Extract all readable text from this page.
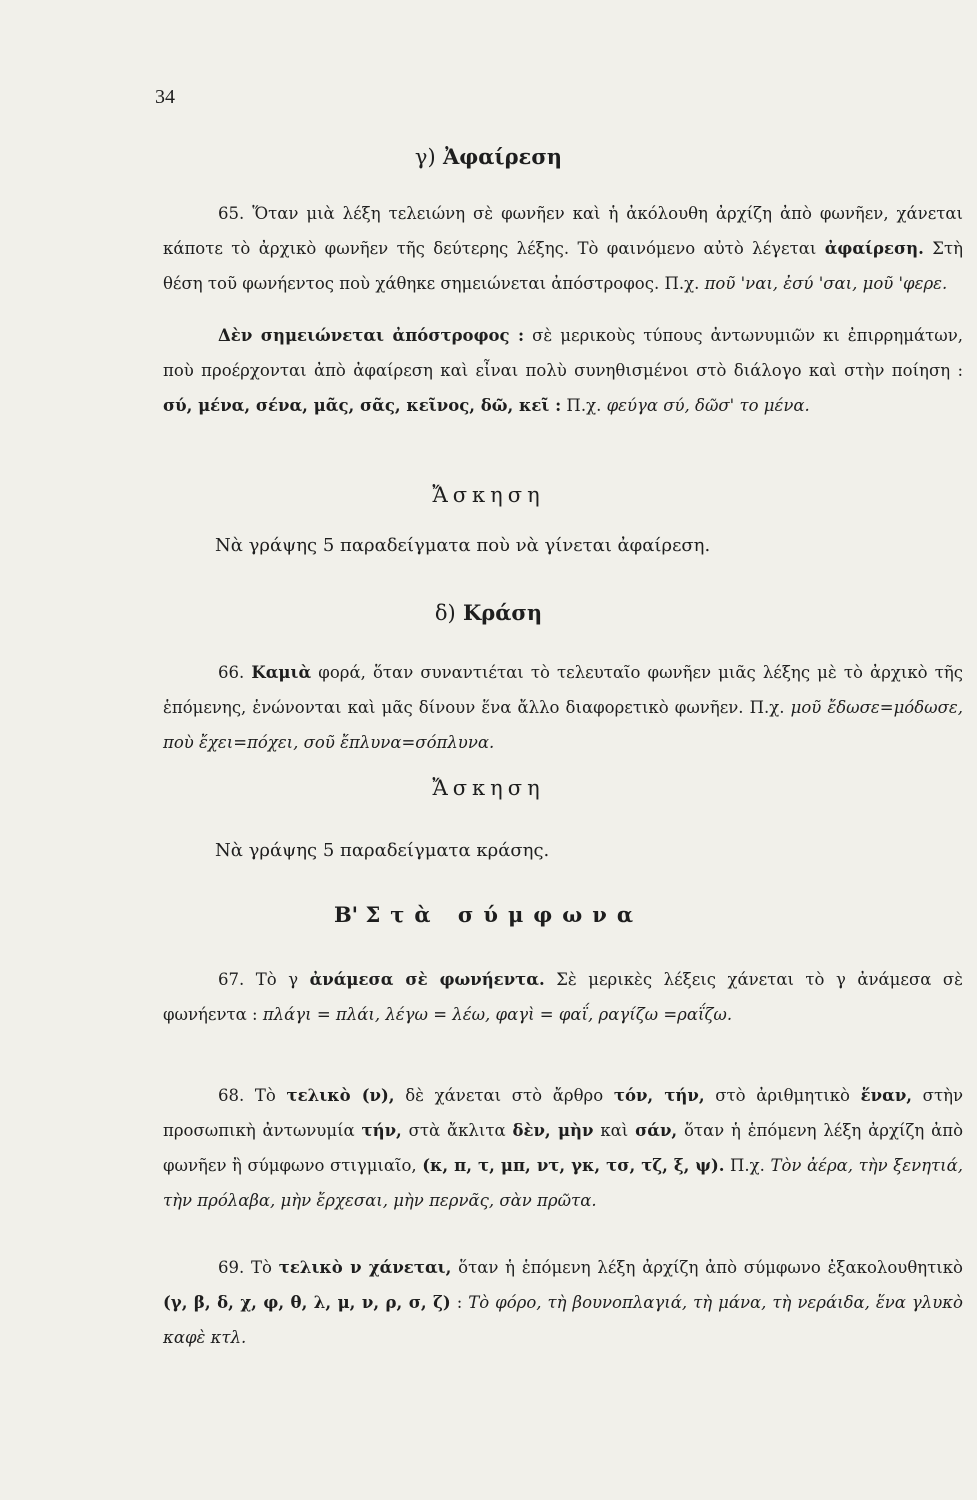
34
γ) Ἀφαίρεση
65. Ὅταν μιὰ λέξη τελειώνη σὲ φωνῆεν καὶ ἡ ἀκόλουθη ἀρχίζη ἀπὸ φωνῆεν, χάνεται κάποτε τὸ ἀρχικὸ φωνῆεν τῆς δεύτερης λέξης. Τὸ φαινόμενο αὐτὸ λέγεται ἀφαίρεση. Στὴ θέση τοῦ φωνήεντος ποὺ χάθηκε σημειώνεται ἀπόστροφος. Π.χ. ποῦ 'ναι, ἐσύ 'σαι, μοῦ 'φερε.
Δὲν σημειώνεται ἀπόστροφος : σὲ μερικοὺς τύπους ἀντωνυμιῶν κι ἐπιρρημάτων, ποὺ προέρχονται ἀπὸ ἀφαίρεση καὶ εἶναι πολὺ συνηθισμένοι στὸ διάλογο καὶ στὴν ποίηση : σύ, μένα, σένα, μᾶς, σᾶς, κεῖνος, δῶ, κεῖ : Π.χ. φεύγα σύ, δῶσ' το μένα.
Ἄσκηση
Νὰ γράψης 5 παραδείγματα ποὺ νὰ γίνεται ἀφαίρεση.
δ) Κράση
66. Καμιὰ φορά, ὅταν συναντιέται τὸ τελευταῖο φωνῆεν μιᾶς λέξης μὲ τὸ ἀρχικὸ τῆς ἑπόμενης, ἑνώνονται καὶ μᾶς δίνουν ἕνα ἄλλο διαφορετικὸ φωνῆεν. Π.χ. μοῦ ἔδωσε=μόδωσε, ποὺ ἔχει=πόχει, σοῦ ἔπλυνα=σόπλυνα.
Ἄσκηση
Νὰ γράψης 5 παραδείγματα κράσης.
Β' Στὰ σύμφωνα
67. Τὸ γ ἀνάμεσα σὲ φωνήεντα. Σὲ μερικὲς λέξεις χάνεται τὸ γ ἀνάμεσα σὲ φωνήεντα : πλάγι = πλάι, λέγω = λέω, φαγὶ = φαΐ, ραγίζω =ραΐζω.
68. Τὸ τελικὸ (ν), δὲ χάνεται στὸ ἄρθρο τόν, τήν, στὸ ἀριθμητικὸ ἕναν, στὴν προσωπικὴ ἀντωνυμία τήν, στὰ ἄκλιτα δὲν, μὴν καὶ σάν, ὅταν ἡ ἑπόμενη λέξη ἀρχίζη ἀπὸ φωνῆεν ἢ σύμφωνο στιγμιαῖο, (κ, π, τ, μπ, ντ, γκ, τσ, τζ, ξ, ψ). Π.χ. Τὸν ἀέρα, τὴν ξενητιά, τὴν πρόλαβα, μὴν ἔρχεσαι, μὴν περνᾶς, σὰν πρῶτα.
69. Τὸ τελικὸ ν χάνεται, ὅταν ἡ ἑπόμενη λέξη ἀρχίζη ἀπὸ σύμφωνο ἐξακολουθητικὸ (γ, β, δ, χ, φ, θ, λ, μ, ν, ρ, σ, ζ) : Τὸ φόρο, τὴ βουνοπλαγιά, τὴ μάνα, τὴ νεράιδα, ἕνα γλυκὸ καφὲ κτλ.
